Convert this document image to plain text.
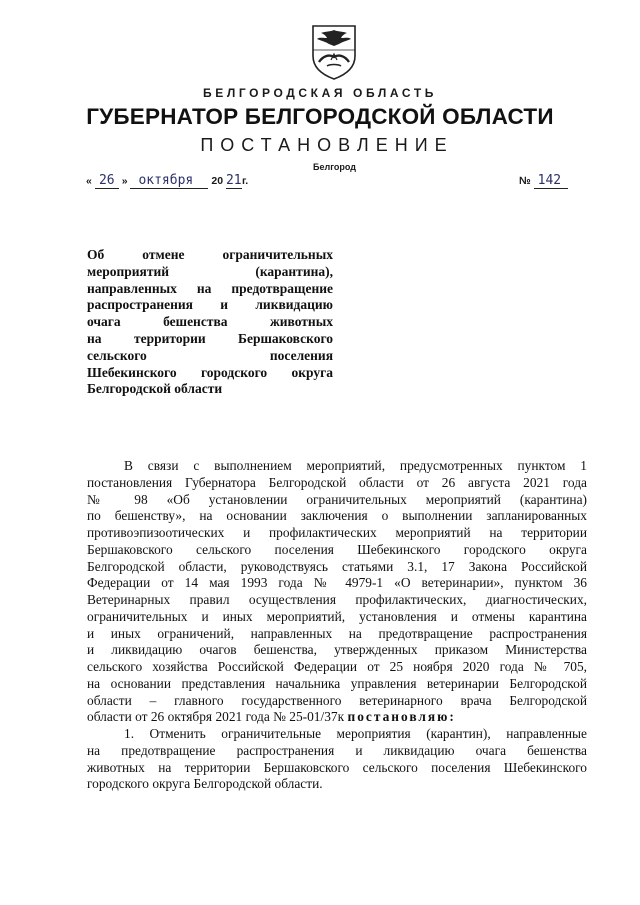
БЕЛГОРОДСКАЯ ОБЛАСТЬ
ГУБЕРНАТОР БЕЛГОРОДСКОЙ ОБЛАСТИ
ПОСТАНОВЛЕНИЕ
Белгород
« 26 » октября 20 21г.	№ 142
Об отмене ограничительных
мероприятий (карантина),
направленных на предотвращение
распространения и ликвидацию
очага бешенства животных
на территории Бершаковского
сельского поселения
Шебекинского городского округа
Белгородской области
В связи с выполнением мероприятий, предусмотренных пунктом 1
постановления Губернатора Белгородской области от 26 августа 2021 года
№ 98 «Об установлении ограничительных мероприятий (карантина)
по бешенству», на основании заключения о выполнении запланированных
противоэпизоотических и профилактических мероприятий на территории
Бершаковского сельского поселения Шебекинского городского округа
Белгородской области, руководствуясь статьями 3.1, 17 Закона Российской
Федерации от 14 мая 1993 года № 4979-1 «О ветеринарии», пунктом 36
Ветеринарных правил осуществления профилактических, диагностических,
ограничительных и иных мероприятий, установления и отмены карантина
и иных ограничений, направленных на предотвращение распространения
и ликвидацию очагов бешенства, утвержденных приказом Министерства
сельского хозяйства Российской Федерации от 25 ноября 2020 года № 705,
на основании представления начальника управления ветеринарии Белгородской
области – главного государственного ветеринарного врача Белгородской
области от 26 октября 2021 года № 25-01/37к постановляю:
1. Отменить ограничительные мероприятия (карантин), направленные
на предотвращение распространения и ликвидацию очага бешенства
животных на территории Бершаковского сельского поселения Шебекинского
городского округа Белгородской области.
